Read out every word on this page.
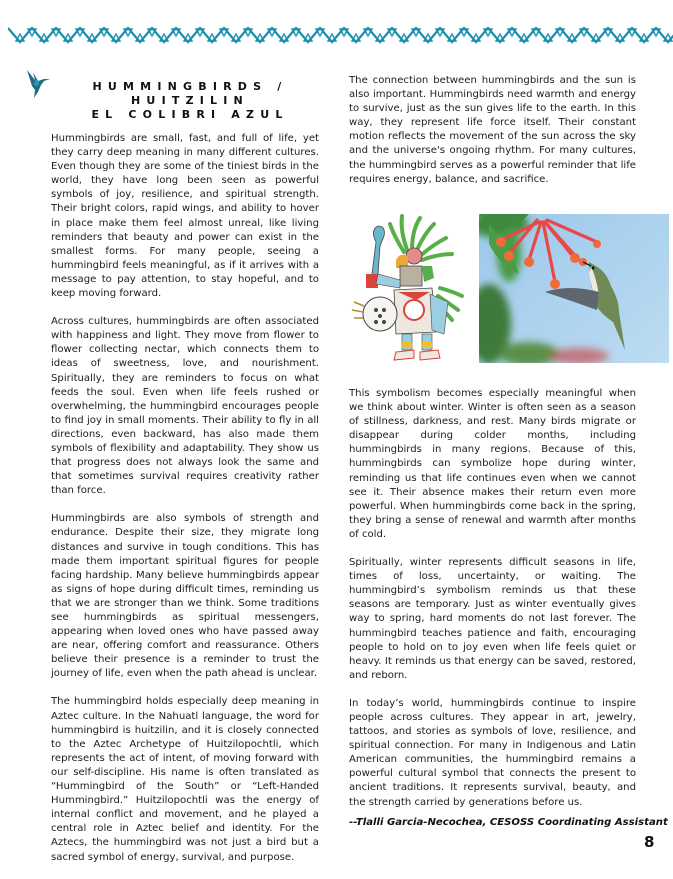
HUMMINGBIRDS / HUITZILIN
EL COLIBRI AZUL

Hummingbirds are small, fast, and full of life, yet they carry deep meaning in many different cultures. Even though they are some of the tiniest birds in the world, they have long been seen as powerful symbols of joy, resilience, and spiritual strength. Their bright colors, rapid wings, and ability to hover in place make them feel almost unreal, like living reminders that beauty and power can exist in the smallest forms. For many people, seeing a hummingbird feels meaningful, as if it arrives with a message to pay attention, to stay hopeful, and to keep moving forward.

Across cultures, hummingbirds are often associated with happiness and light. They move from flower to flower collecting nectar, which connects them to ideas of sweetness, love, and nourishment. Spiritually, they are reminders to focus on what feeds the soul. Even when life feels rushed or overwhelming, the hummingbird encourages people to find joy in small moments. Their ability to fly in all directions, even backward, has also made them symbols of flexibility and adaptability. They show us that progress does not always look the same and that sometimes survival requires creativity rather than force.

Hummingbirds are also symbols of strength and endurance. Despite their size, they migrate long distances and survive in tough conditions. This has made them important spiritual figures for people facing hardship. Many believe hummingbirds appear as signs of hope during difficult times, reminding us that we are stronger than we think. Some traditions see hummingbirds as spiritual messengers, appearing when loved ones who have passed away are near, offering comfort and reassurance. Others believe their presence is a reminder to trust the journey of life, even when the path ahead is unclear.

The hummingbird holds especially deep meaning in Aztec culture. In the Nahuatl language, the word for hummingbird is huitzilin, and it is closely connected to the Aztec Archetype of Huitzilopochtli, which represents the act of intent, of moving forward with our self-discipline. His name is often translated as “Hummingbird of the South” or “Left-Handed Hummingbird.” Huitzilopochtli was the energy of internal conflict and movement, and he played a central role in Aztec belief and identity. For the Aztecs, the hummingbird was not just a bird but a sacred symbol of energy, survival, and purpose.

The connection between hummingbirds and the sun is also important. Hummingbirds need warmth and energy to survive, just as the sun gives life to the earth. In this way, they represent life force itself. Their constant motion reflects the movement of the sun across the sky and the universe's ongoing rhythm. For many cultures, the hummingbird serves as a powerful reminder that life requires energy, balance, and sacrifice.

This symbolism becomes especially meaningful when we think about winter. Winter is often seen as a season of stillness, darkness, and rest. Many birds migrate or disappear during colder months, including hummingbirds in many regions. Because of this, hummingbirds can symbolize hope during winter, reminding us that life continues even when we cannot see it. Their absence makes their return even more powerful. When hummingbirds come back in the spring, they bring a sense of renewal and warmth after months of cold.

Spiritually, winter represents difficult seasons in life, times of loss, uncertainty, or waiting. The hummingbird’s symbolism reminds us that these seasons are temporary. Just as winter eventually gives way to spring, hard moments do not last forever. The hummingbird teaches patience and faith, encouraging people to hold on to joy even when life feels quiet or heavy. It reminds us that energy can be saved, restored, and reborn.

In today’s world, hummingbirds continue to inspire people across cultures. They appear in art, jewelry, tattoos, and stories as symbols of love, resilience, and spiritual connection. For many in Indigenous and Latin American communities, the hummingbird remains a powerful cultural symbol that connects the present to ancient traditions. It represents survival, beauty, and the strength carried by generations before us.

--Tlalli Garcia-Necochea, CESOSS Coordinating Assistant
8
